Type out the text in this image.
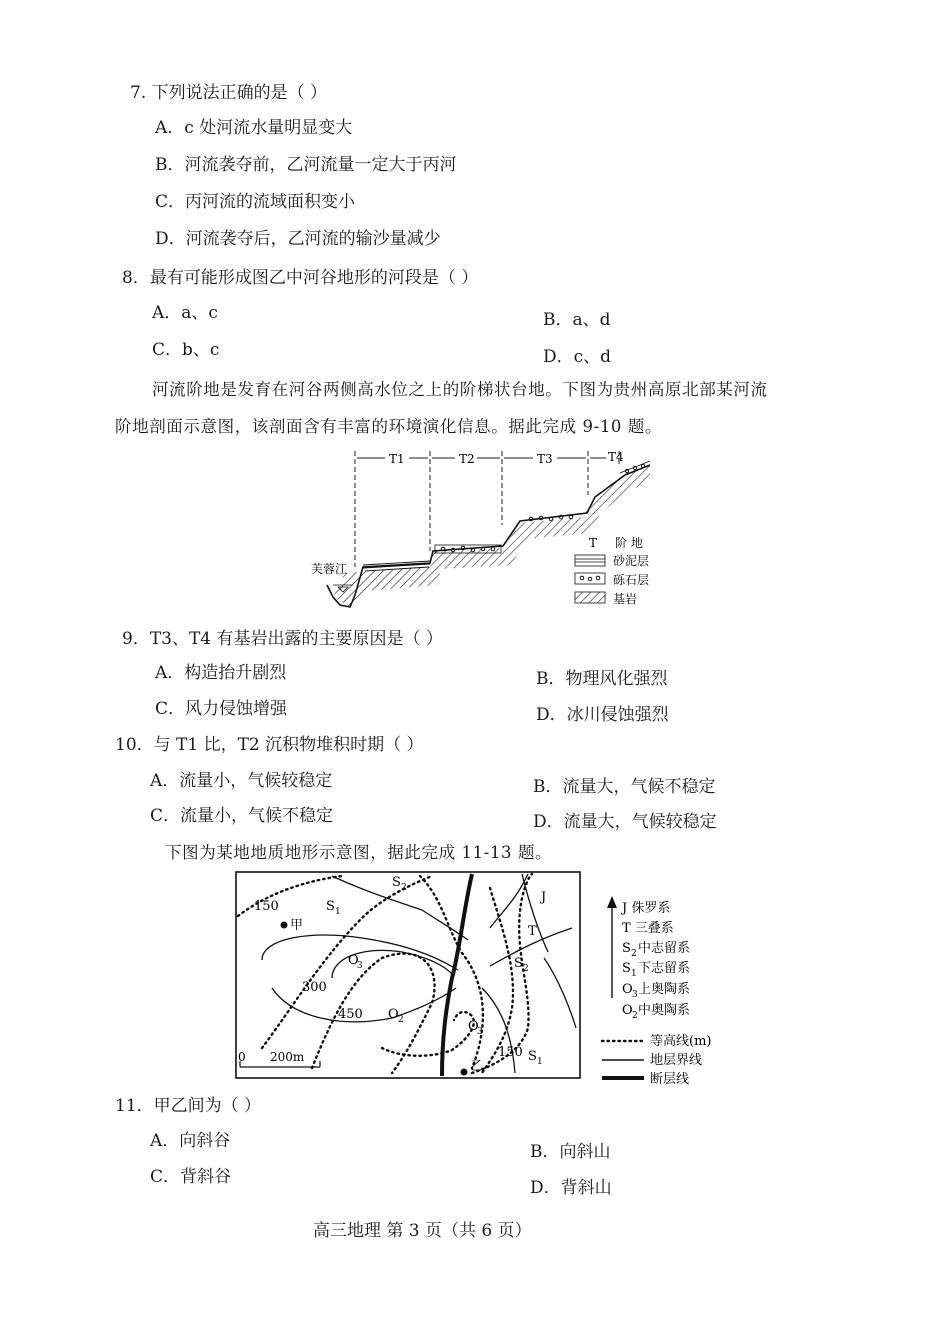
7. 下列说法正确的是（ ）
A．c 处河流水量明显变大
B．河流袭夺前，乙河流量一定大于丙河
C．丙河流的流域面积变小
D．河流袭夺后，乙河流的输沙量减少
8．最有可能形成图乙中河谷地形的河段是（ ）
A．a、c	B．a、d
C．b、c	D．c、d
河流阶地是发育在河谷两侧高水位之上的阶梯状台地。下图为贵州高原北部某河流
阶地剖面示意图，该剖面含有丰富的环境演化信息。据此完成 9-10 题。
T1	T2	T3	T4
芙蓉江
T 阶 地
砂泥层
砾石层
基岩
9．T3、T4 有基岩出露的主要原因是（ ）
A．构造抬升剧烈	B．物理风化强烈
C．风力侵蚀增强	D．冰川侵蚀强烈
10．与 T1 比，T2 沉积物堆积时期（ ）
A．流量小，气候较稳定	B．流量大，气候不稳定
C．流量小，气候不稳定	D．流量大，气候较稳定
下图为某地地质地形示意图，据此完成 11-13 题。
150
甲
S 1
S 2
J
T
S 2
O
3
300
450 O 2	O
3
150 S 1
乙
0 200m
J 侏罗系
T 三叠系
S 2 中志留系
S 1 下志留系
O 3 上奥陶系
O 2 中奥陶系
等高线(m)
地层界线
断层线
11．甲乙间为（ ）
A．向斜谷
B．向斜山
C．背斜谷
D．背斜山
高三地理 第 3 页（共 6 页）
